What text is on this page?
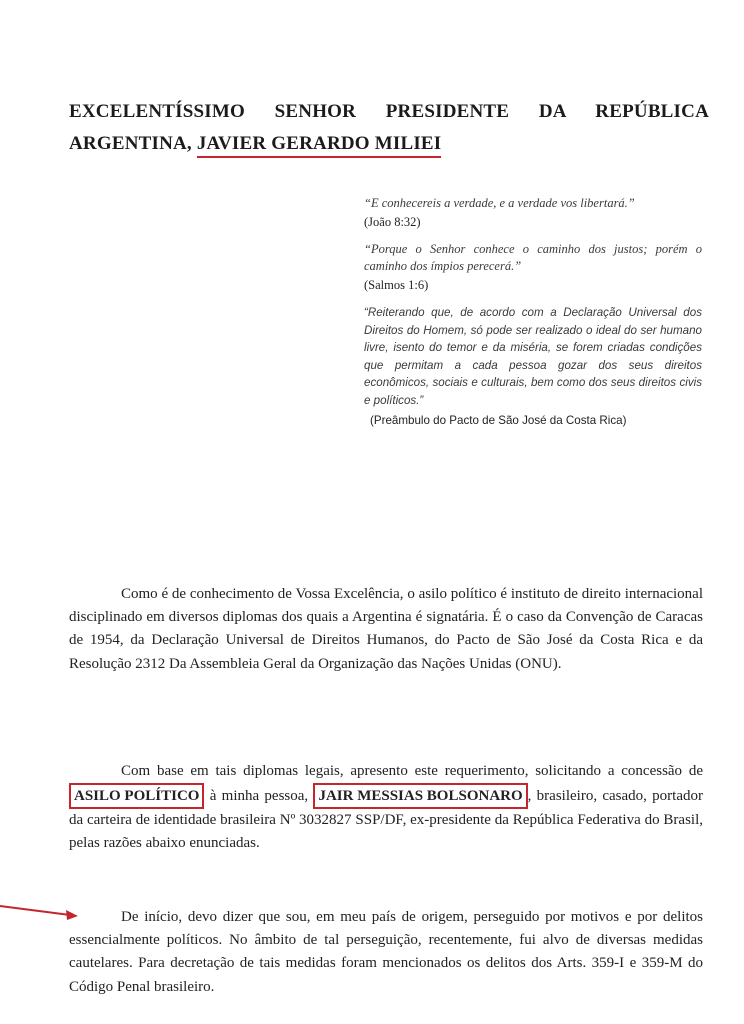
EXCELENTÍSSIMO SENHOR PRESIDENTE DA REPÚBLICA
ARGENTINA, JAVIER GERARDO MILIEI
“E conhecereis a verdade, e a verdade vos libertará.”
(João 8:32)
“Porque o Senhor conhece o caminho dos justos; porém o caminho dos ímpios perecerá.”
(Salmos 1:6)
“Reiterando que, de acordo com a Declaração Universal dos Direitos do Homem, só pode ser realizado o ideal do ser humano livre, isento do temor e da miséria, se forem criadas condições que permitam a cada pessoa gozar dos seus direitos econômicos, sociais e culturais, bem como dos seus direitos civis e políticos.”
(Preâmbulo do Pacto de São José da Costa Rica)
Como é de conhecimento de Vossa Excelência, o asilo político é instituto de direito internacional disciplinado em diversos diplomas dos quais a Argentina é signatária. É o caso da Convenção de Caracas de 1954, da Declaração Universal de Direitos Humanos, do Pacto de São José da Costa Rica e da Resolução 2312 Da Assembleia Geral da Organização das Nações Unidas (ONU).
Com base em tais diplomas legais, apresento este requerimento, solicitando a concessão de ASILO POLÍTICO à minha pessoa, JAIR MESSIAS BOLSONARO , brasileiro, casado, portador da carteira de identidade brasileira Nº 3032827 SSP/DF, ex-presidente da República Federativa do Brasil, pelas razões abaixo enunciadas.
De início, devo dizer que sou, em meu país de origem, perseguido por motivos e por delitos essencialmente políticos. No âmbito de tal perseguição, recentemente, fui alvo de diversas medidas cautelares. Para decretação de tais medidas foram mencionados os delitos dos Arts. 359-I e 359-M do Código Penal brasileiro.
